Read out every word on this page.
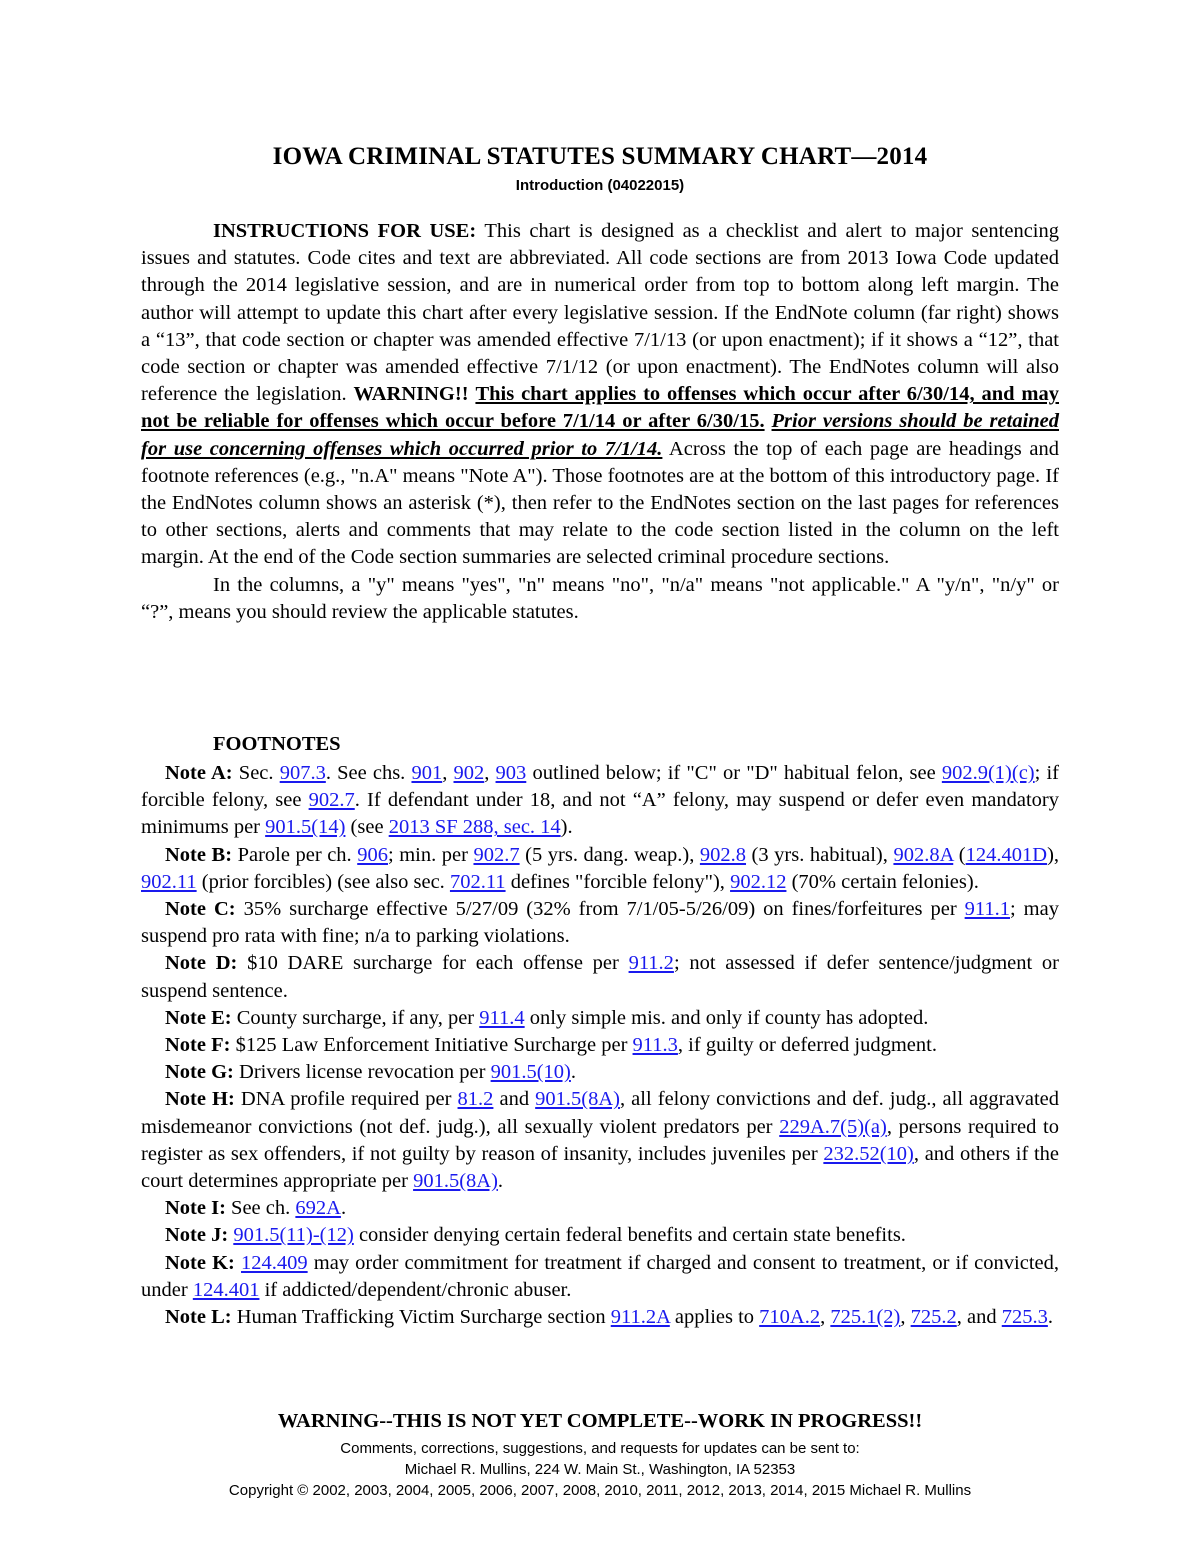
IOWA CRIMINAL STATUTES SUMMARY CHART—2014
Introduction (04022015)

INSTRUCTIONS FOR USE: This chart is designed as a checklist and alert to major sentencing issues and statutes. Code cites and text are abbreviated. All code sections are from 2013 Iowa Code updated through the 2014 legislative session, and are in numerical order from top to bottom along left margin. The author will attempt to update this chart after every legislative session. If the EndNote column (far right) shows a “13”, that code section or chapter was amended effective 7/1/13 (or upon enactment); if it shows a “12”, that code section or chapter was amended effective 7/1/12 (or upon enactment). The EndNotes column will also reference the legislation. WARNING!! This chart applies to offenses which occur after 6/30/14, and may not be reliable for offenses which occur before 7/1/14 or after 6/30/15. Prior versions should be retained for use concerning offenses which occurred prior to 7/1/14. Across the top of each page are headings and footnote references (e.g., "n.A" means "Note A"). Those footnotes are at the bottom of this introductory page. If the EndNotes column shows an asterisk (*), then refer to the EndNotes section on the last pages for references to other sections, alerts and comments that may relate to the code section listed in the column on the left margin. At the end of the Code section summaries are selected criminal procedure sections.

In the columns, a "y" means "yes", "n" means "no", "n/a" means "not applicable." A "y/n", "n/y" or “?”, means you should review the applicable statutes.

FOOTNOTES

Note A: Sec. 907.3. See chs. 901, 902, 903 outlined below; if "C" or "D" habitual felon, see 902.9(1)(c); if forcible felony, see 902.7. If defendant under 18, and not “A” felony, may suspend or defer even mandatory minimums per 901.5(14) (see 2013 SF 288, sec. 14).

Note B: Parole per ch. 906; min. per 902.7 (5 yrs. dang. weap.), 902.8 (3 yrs. habitual), 902.8A (124.401D), 902.11 (prior forcibles) (see also sec. 702.11 defines "forcible felony"), 902.12 (70% certain felonies).

Note C: 35% surcharge effective 5/27/09 (32% from 7/1/05-5/26/09) on fines/forfeitures per 911.1; may suspend pro rata with fine; n/a to parking violations.

Note D: $10 DARE surcharge for each offense per 911.2; not assessed if defer sentence/judgment or suspend sentence.

Note E: County surcharge, if any, per 911.4 only simple mis. and only if county has adopted.

Note F: $125 Law Enforcement Initiative Surcharge per 911.3, if guilty or deferred judgment.

Note G: Drivers license revocation per 901.5(10).

Note H: DNA profile required per 81.2 and 901.5(8A), all felony convictions and def. judg., all aggravated misdemeanor convictions (not def. judg.), all sexually violent predators per 229A.7(5)(a), persons required to register as sex offenders, if not guilty by reason of insanity, includes juveniles per 232.52(10), and others if the court determines appropriate per 901.5(8A).

Note I: See ch. 692A.

Note J: 901.5(11)-(12) consider denying certain federal benefits and certain state benefits.

Note K: 124.409 may order commitment for treatment if charged and consent to treatment, or if convicted, under 124.401 if addicted/dependent/chronic abuser.

Note L: Human Trafficking Victim Surcharge section 911.2A applies to 710A.2, 725.1(2), 725.2, and 725.3.

WARNING--THIS IS NOT YET COMPLETE--WORK IN PROGRESS!!
Comments, corrections, suggestions, and requests for updates can be sent to:
Michael R. Mullins, 224 W. Main St., Washington, IA 52353
Copyright © 2002, 2003, 2004, 2005, 2006, 2007, 2008, 2010, 2011, 2012, 2013, 2014, 2015 Michael R. Mullins
